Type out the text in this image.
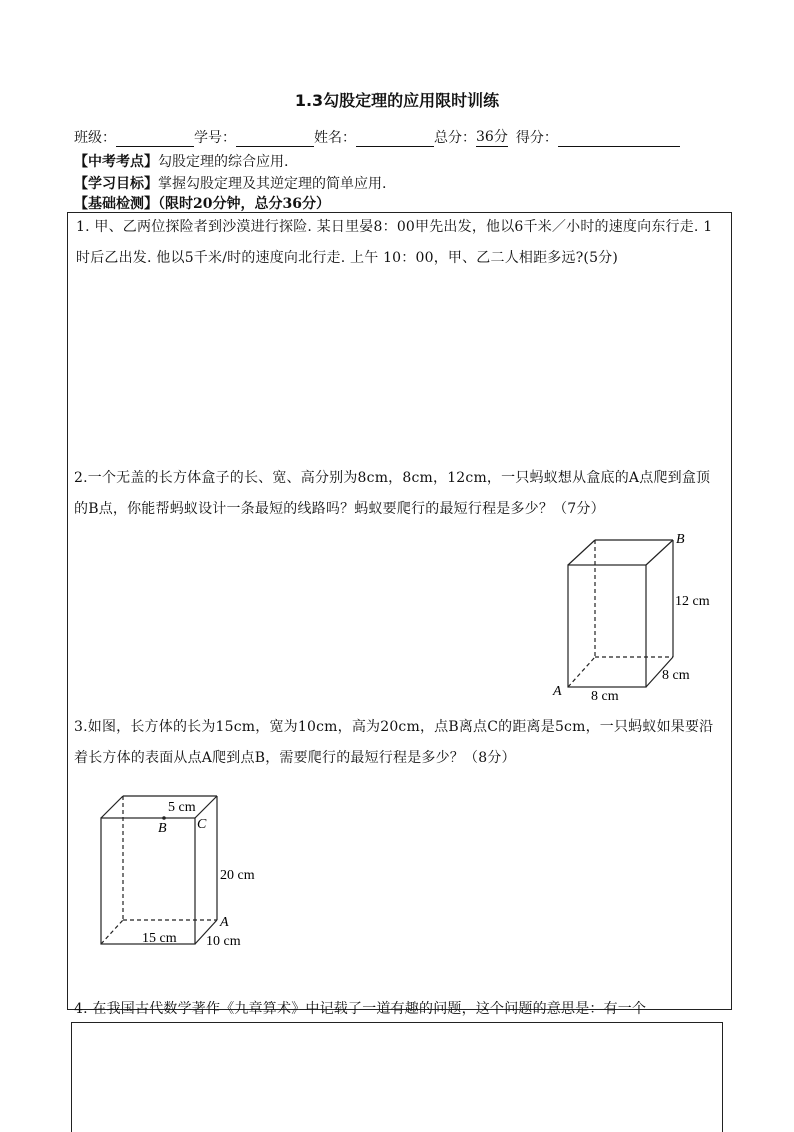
1.3勾股定理的应用限时训练
班级：	学号：	姓名：	总分： 36分 得分：
【中考考点】勾股定理的综合应用.
【学习目标】掌握勾股定理及其逆定理的简单应用.
【基础检测】（限时20分钟，总分36分）
1. 甲、乙两位探险者到沙漠进行探险. 某日里晏8：00甲先出发，他以6千米／小时的速度向东行走. 1时后乙出发. 他以5千米/时的速度向北行走. 上午 10：00，甲、乙二人相距多远?(5分)
2.一个无盖的长方体盒子的长、宽、高分别为8cm，8cm，12cm，一只蚂蚁想从盒底的A点爬到盒顶的B点，你能帮蚂蚁设计一条最短的线路吗？蚂蚁要爬行的最短行程是多少？（7分）
B
A
12 cm
8 cm
8 cm
3.如图，长方体的长为15cm，宽为10cm，高为20cm，点B离点C的距离是5cm，一只蚂蚁如果要沿着长方体的表面从点A爬到点B，需要爬行的最短行程是多少？（8分）
5 cm
B C
20 cm
A
15 cm 10 cm
4. 在我国古代数学著作《九章算术》中记载了一道有趣的问题，这个问题的意思是：有一个
